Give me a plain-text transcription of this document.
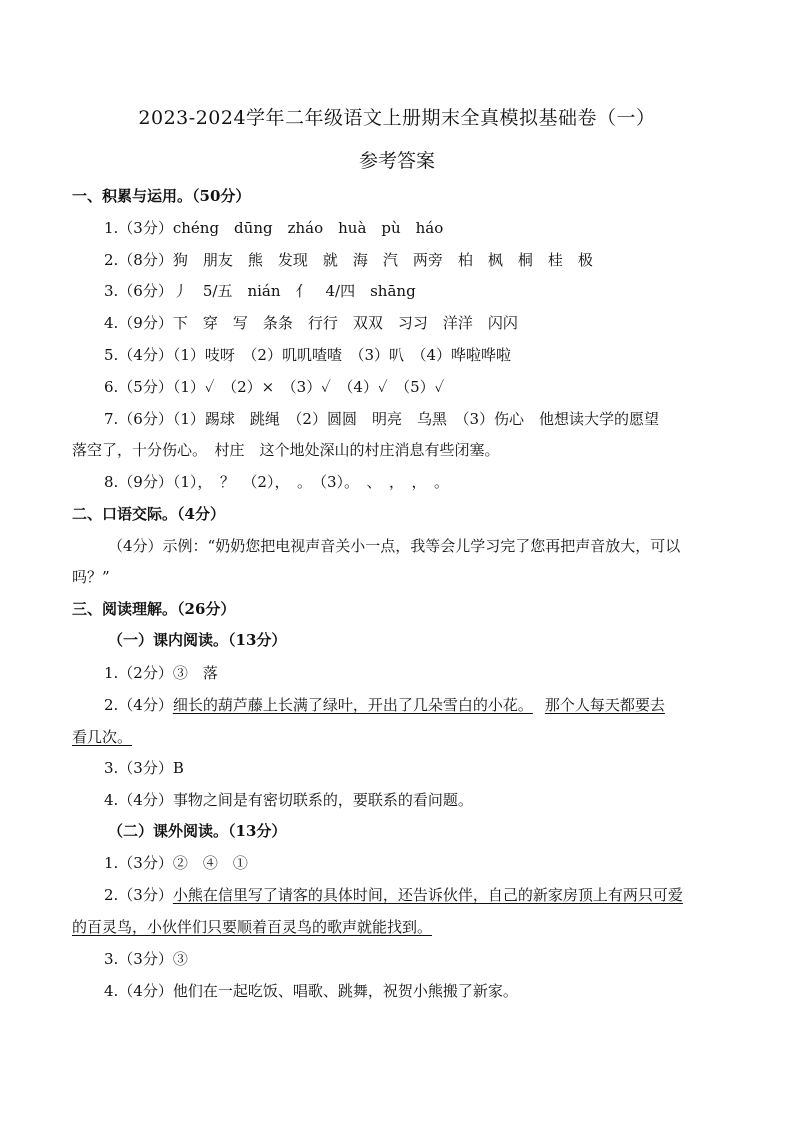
2023-2024学年二年级语文上册期末全真模拟基础卷（一）
参考答案
一、积累与运用。（50分）
1.（3分）chéng　dūng　zháo　huà　pù　háo
2.（8分）狗　朋友　熊　发现　就　海　汽　两旁　柏　枫　桐　桂　极
3.（6分）丿　5/五　nián　亻　4/四　shāng
4.（9分）下　穿　写　条条　行行　双双　习习　洋洋　闪闪
5.（4分）（1）吱呀　（2）叽叽喳喳　（3）叭　（4）哗啦哗啦
6.（5分）（1）✓　（2）×　（3）✓　（4）✓　（5）✓
7.（6分）（1）踢球　跳绳　（2）圆圆　明亮　乌黑　（3）伤心　他想读大学的愿望
落空了，十分伤心。　村庄　这个地处深山的村庄消息有些闭塞。
8.（9分）（1），　？　（2），　。　（3）。　、　，　，　。
二、口语交际。（4分）
（4分）示例：“奶奶您把电视声音关小一点，我等会儿学习完了您再把声音放大，可以
吗？”
三、阅读理解。（26分）
（一）课内阅读。（13分）
1.（2分）③　落
2.（4分）细长的葫芦藤上长满了绿叶，开出了几朵雪白的小花。 那个人每天都要去
看几次。
3.（3分）B
4.（4分）事物之间是有密切联系的，要联系的看问题。
（二）课外阅读。（13分）
1.（3分）②　④　①
2.（3分）小熊在信里写了请客的具体时间，还告诉伙伴，自己的新家房顶上有两只可爱
的百灵鸟，小伙伴们只要顺着百灵鸟的歌声就能找到。
3.（3分）③
4.（4分）他们在一起吃饭、唱歌、跳舞，祝贺小熊搬了新家。
